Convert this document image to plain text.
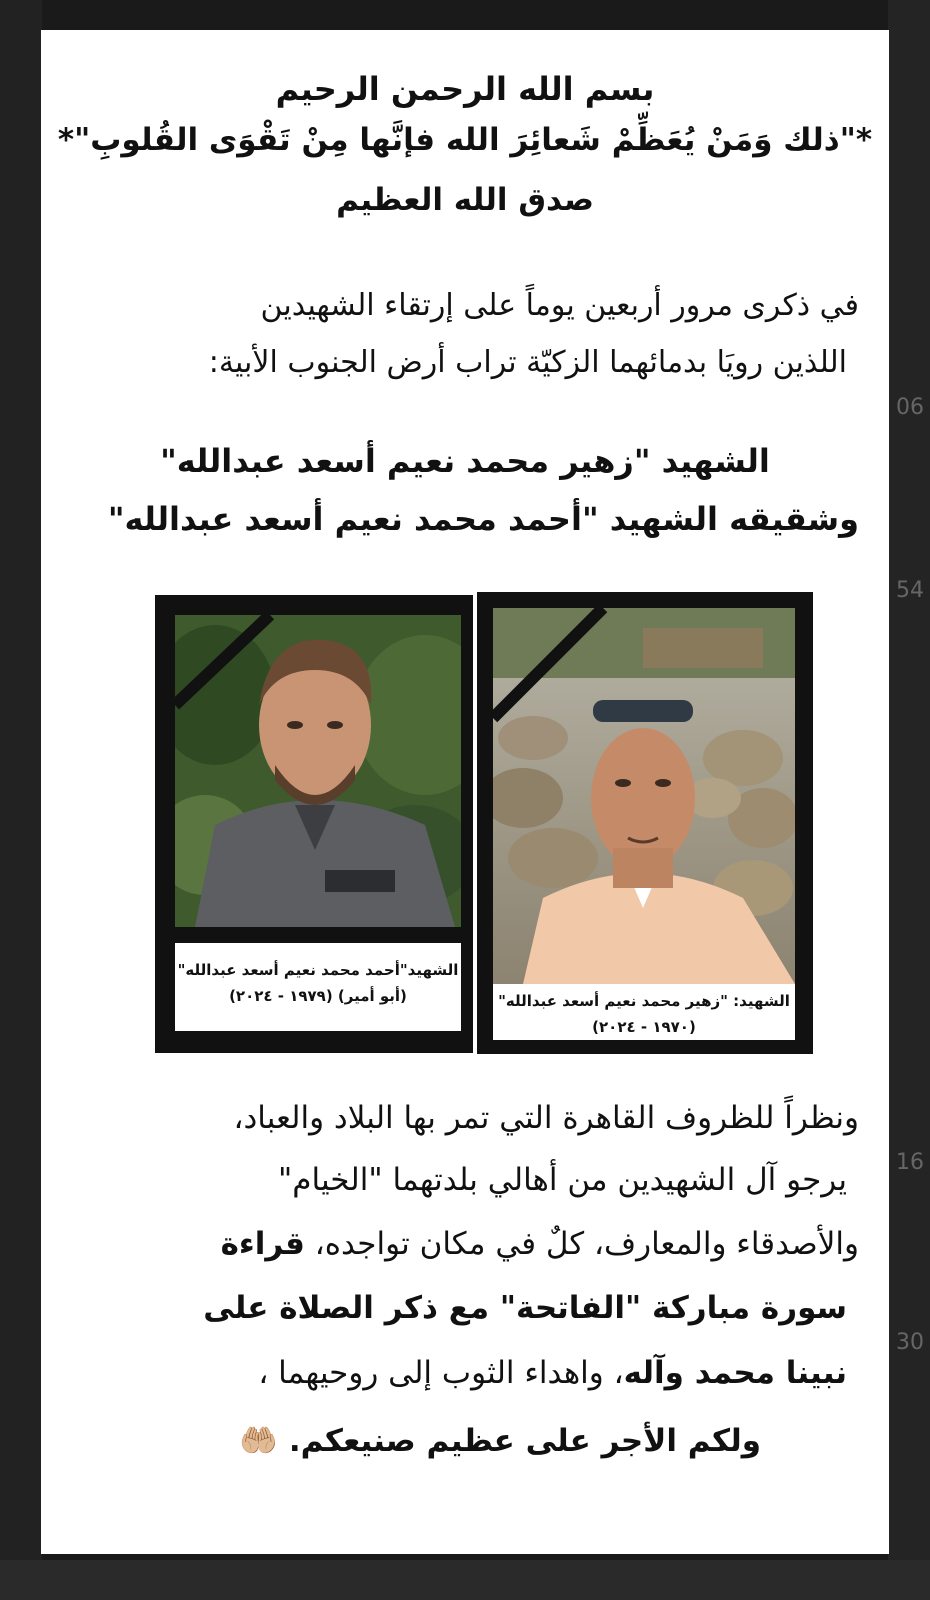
06
54
16
30
بسم الله الرحمن الرحيم
*"ذلك وَمَنْ يُعَظِّمْ شَعائِرَ الله فإنَّها مِنْ تَقْوَى القُلوبِ"*
صدق الله العظيم
في ذكرى مرور أربعين يوماً على إرتقاء الشهيدين
اللذين رويَا بدمائهما الزكيّة تراب أرض الجنوب الأبية:
الشهيد "زهير محمد نعيم أسعد عبدالله"
وشقيقه الشهيد "أحمد محمد نعيم أسعد عبدالله"
الشهيد: "زهير محمد نعيم أسعد عبدالله"
(١٩٧٠ - ٢٠٢٤)
الشهيد"أحمد محمد نعيم أسعد عبدالله"
(أبو أمير) (١٩٧٩ - ٢٠٢٤)
ونظراً للظروف القاهرة التي تمر بها البلاد والعباد،
يرجو آل الشهيدين من أهالي بلدتهما "الخيام"
والأصدقاء والمعارف، كلٌ في مكان تواجده، قراءة
سورة مباركة "الفاتحة" مع ذكر الصلاة على
نبينا محمد وآله، واهداء الثوب إلى روحيهما ،
ولكم الأجر على عظيم صنيعكم. 🤲🏼
